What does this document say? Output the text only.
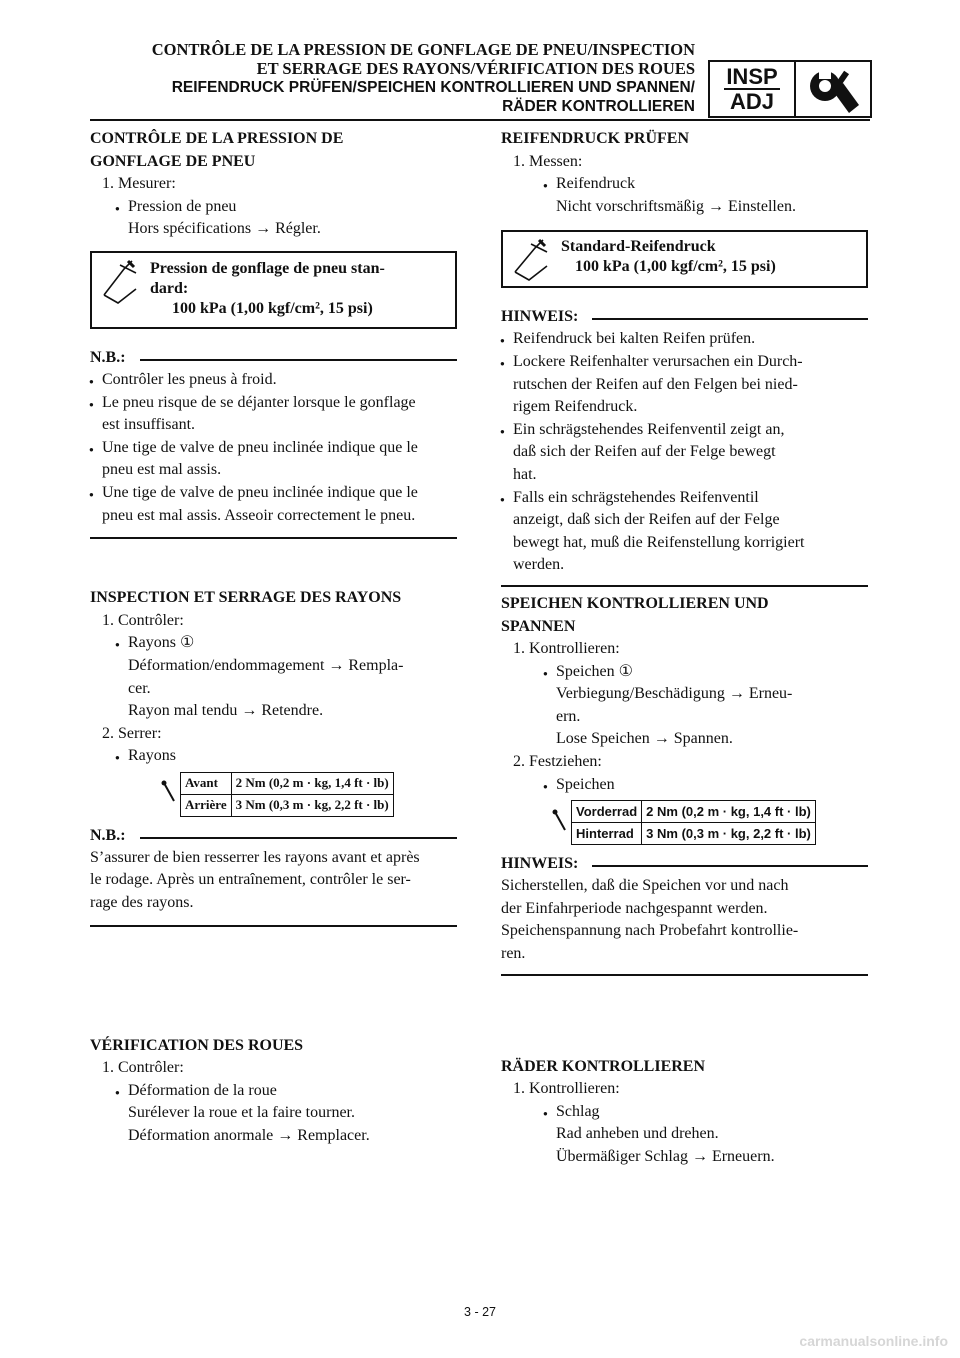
CONTRÔLE DE LA PRESSION DE GONFLAGE DE PNEU/INSPECTION
ET SERRAGE DES RAYONS/VÉRIFICATION DES ROUES
REIFENDRUCK PRÜFEN/SPEICHEN KONTROLLIEREN UND SPANNEN/
RÄDER KONTROLLIEREN
INSP
ADJ

CONTRÔLE DE LA PRESSION DE

GONFLAGE DE PNEU

1. Mesurer:

● Pression de pneu

Hors spécifications → Régler.

Pression de gonflage de pneu stan-
dard:
100 kPa (1,00 kgf/cm², 15 psi)
N.B.:

● Contrôler les pneus à froid.

● Le pneu risque de se déjanter lorsque le gonflage

est insuffisant.

● Une tige de valve de pneu inclinée indique que le

pneu est mal assis.

● Une tige de valve de pneu inclinée indique que le

pneu est mal assis. Asseoir correctement le pneu.

INSPECTION ET SERRAGE DES RAYONS

1. Contrôler:

● Rayons ①

Déformation/endommagement → Rempla-

cer.

Rayon mal tendu → Retendre.

2. Serrer:

● Rayons

	Avant	2 Nm (0,2 m · kg, 1,4 ft · lb)
	Arrière	3 Nm (0,3 m · kg, 2,2 ft · lb)
N.B.:

S’assurer de bien resserrer les rayons avant et après

le rodage. Après un entraînement, contrôler le ser-

rage des rayons.

VÉRIFICATION DES ROUES

1. Contrôler:

● Déformation de la roue

Surélever la roue et la faire tourner.

Déformation anormale → Remplacer.

REIFENDRUCK PRÜFEN

1. Messen:

● Reifendruck

Nicht vorschriftsmäßig → Einstellen.

Standard-Reifendruck
100 kPa (1,00 kgf/cm², 15 psi)
HINWEIS:

● Reifendruck bei kalten Reifen prüfen.

● Lockere Reifenhalter verursachen ein Durch-

rutschen der Reifen auf den Felgen bei nied-

rigem Reifendruck.

● Ein schrägstehendes Reifenventil zeigt an,

daß sich der Reifen auf der Felge bewegt

hat.

● Falls ein schrägstehendes Reifenventil

anzeigt, daß sich der Reifen auf der Felge

bewegt hat, muß die Reifenstellung korrigiert

werden.

SPEICHEN KONTROLLIEREN UND

SPANNEN

1. Kontrollieren:

● Speichen ①

Verbiegung/Beschädigung → Erneu-

ern.

Lose Speichen → Spannen.

2. Festziehen:

● Speichen

	Vorderrad	2 Nm (0,2 m · kg, 1,4 ft · lb)
	Hinterrad	3 Nm (0,3 m · kg, 2,2 ft · lb)
HINWEIS:

Sicherstellen, daß die Speichen vor und nach

der Einfahrperiode nachgespannt werden.

Speichenspannung nach Probefahrt kontrollie-

ren.

RÄDER KONTROLLIEREN

1. Kontrollieren:

● Schlag

Rad anheben und drehen.

Übermäßiger Schlag → Erneuern.

3 - 27
carmanualsonline.info
